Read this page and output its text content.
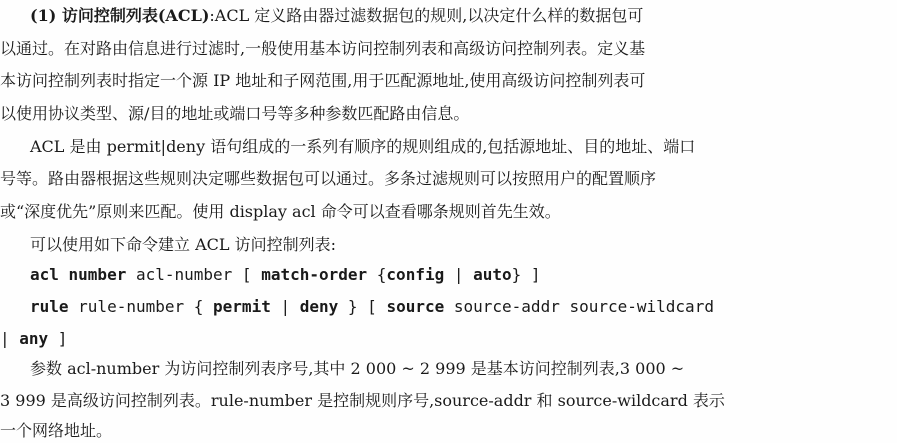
(1) 访问控制列表(ACL):ACL 定义路由器过滤数据包的规则,以决定什么样的数据包可
以通过。在对路由信息进行过滤时,一般使用基本访问控制列表和高级访问控制列表。定义基
本访问控制列表时指定一个源 IP 地址和子网范围,用于匹配源地址,使用高级访问控制列表可
以使用协议类型、源/目的地址或端口号等多种参数匹配路由信息。
ACL 是由 permit|deny 语句组成的一系列有顺序的规则组成的,包括源地址、目的地址、端口
号等。路由器根据这些规则决定哪些数据包可以通过。多条过滤规则可以按照用户的配置顺序
或“深度优先”原则来匹配。使用 display acl 命令可以查看哪条规则首先生效。
可以使用如下命令建立 ACL 访问控制列表:
acl number acl-number [ match-order {config | auto} ]
rule rule-number { permit | deny } [ source source-addr source-wildcard
| any ]
参数 acl-number 为访问控制列表序号,其中 2 000 ~ 2 999 是基本访问控制列表,3 000 ~
3 999 是高级访问控制列表。rule-number 是控制规则序号,source-addr 和 source-wildcard 表示
一个网络地址。
